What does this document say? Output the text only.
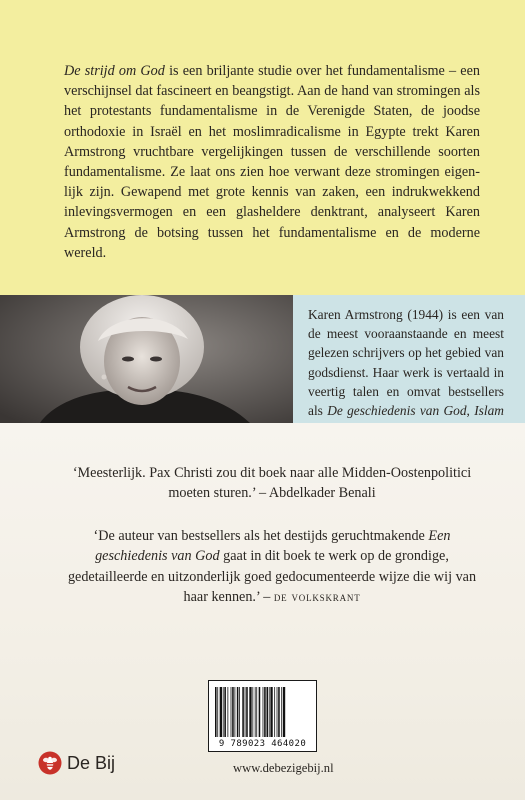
De strijd om God is een briljante studie over het fundamentalisme – een verschijnsel dat fascineert en beangstigt. Aan de hand van stromingen als het protestants fundamentalisme in de Verenigde Staten, de joodse orthodoxie in Israël en het moslimradicalisme in Egypte trekt Karen Armstrong vruchtbare vergelijkingen tussen de verschillende soorten fundamentalisme. Ze laat ons zien hoe verwant deze stromingen eigen-lijk zijn. Gewapend met grote kennis van zaken, een indrukwekkend inlevingsvermogen en een glasheldere denktrant, analyseert Karen Armstrong de botsing tussen het fundamentalisme en de moderne wereld.

Karen Armstrong (1944) is een van de meest vooraanstaande en meest gelezen schrijvers op het gebied van godsdienst. Haar werk is vertaald in veertig talen en omvat bestsellers als De geschiedenis van God, Islam

‘Meesterlijk. Pax Christi zou dit boek naar alle Midden-Oostenpolitici moeten sturen.’ – Abdelkader Benali

‘De auteur van bestsellers als het destijds geruchtmakende Een geschiedenis van God gaat in dit boek te werk op de grondige, gedetailleerde en uitzonderlijk goed gedocumenteerde wijze die wij van haar kennen.’ – de volkskrant

9 789023 464020
De Bij	www.debezigebij.nl
